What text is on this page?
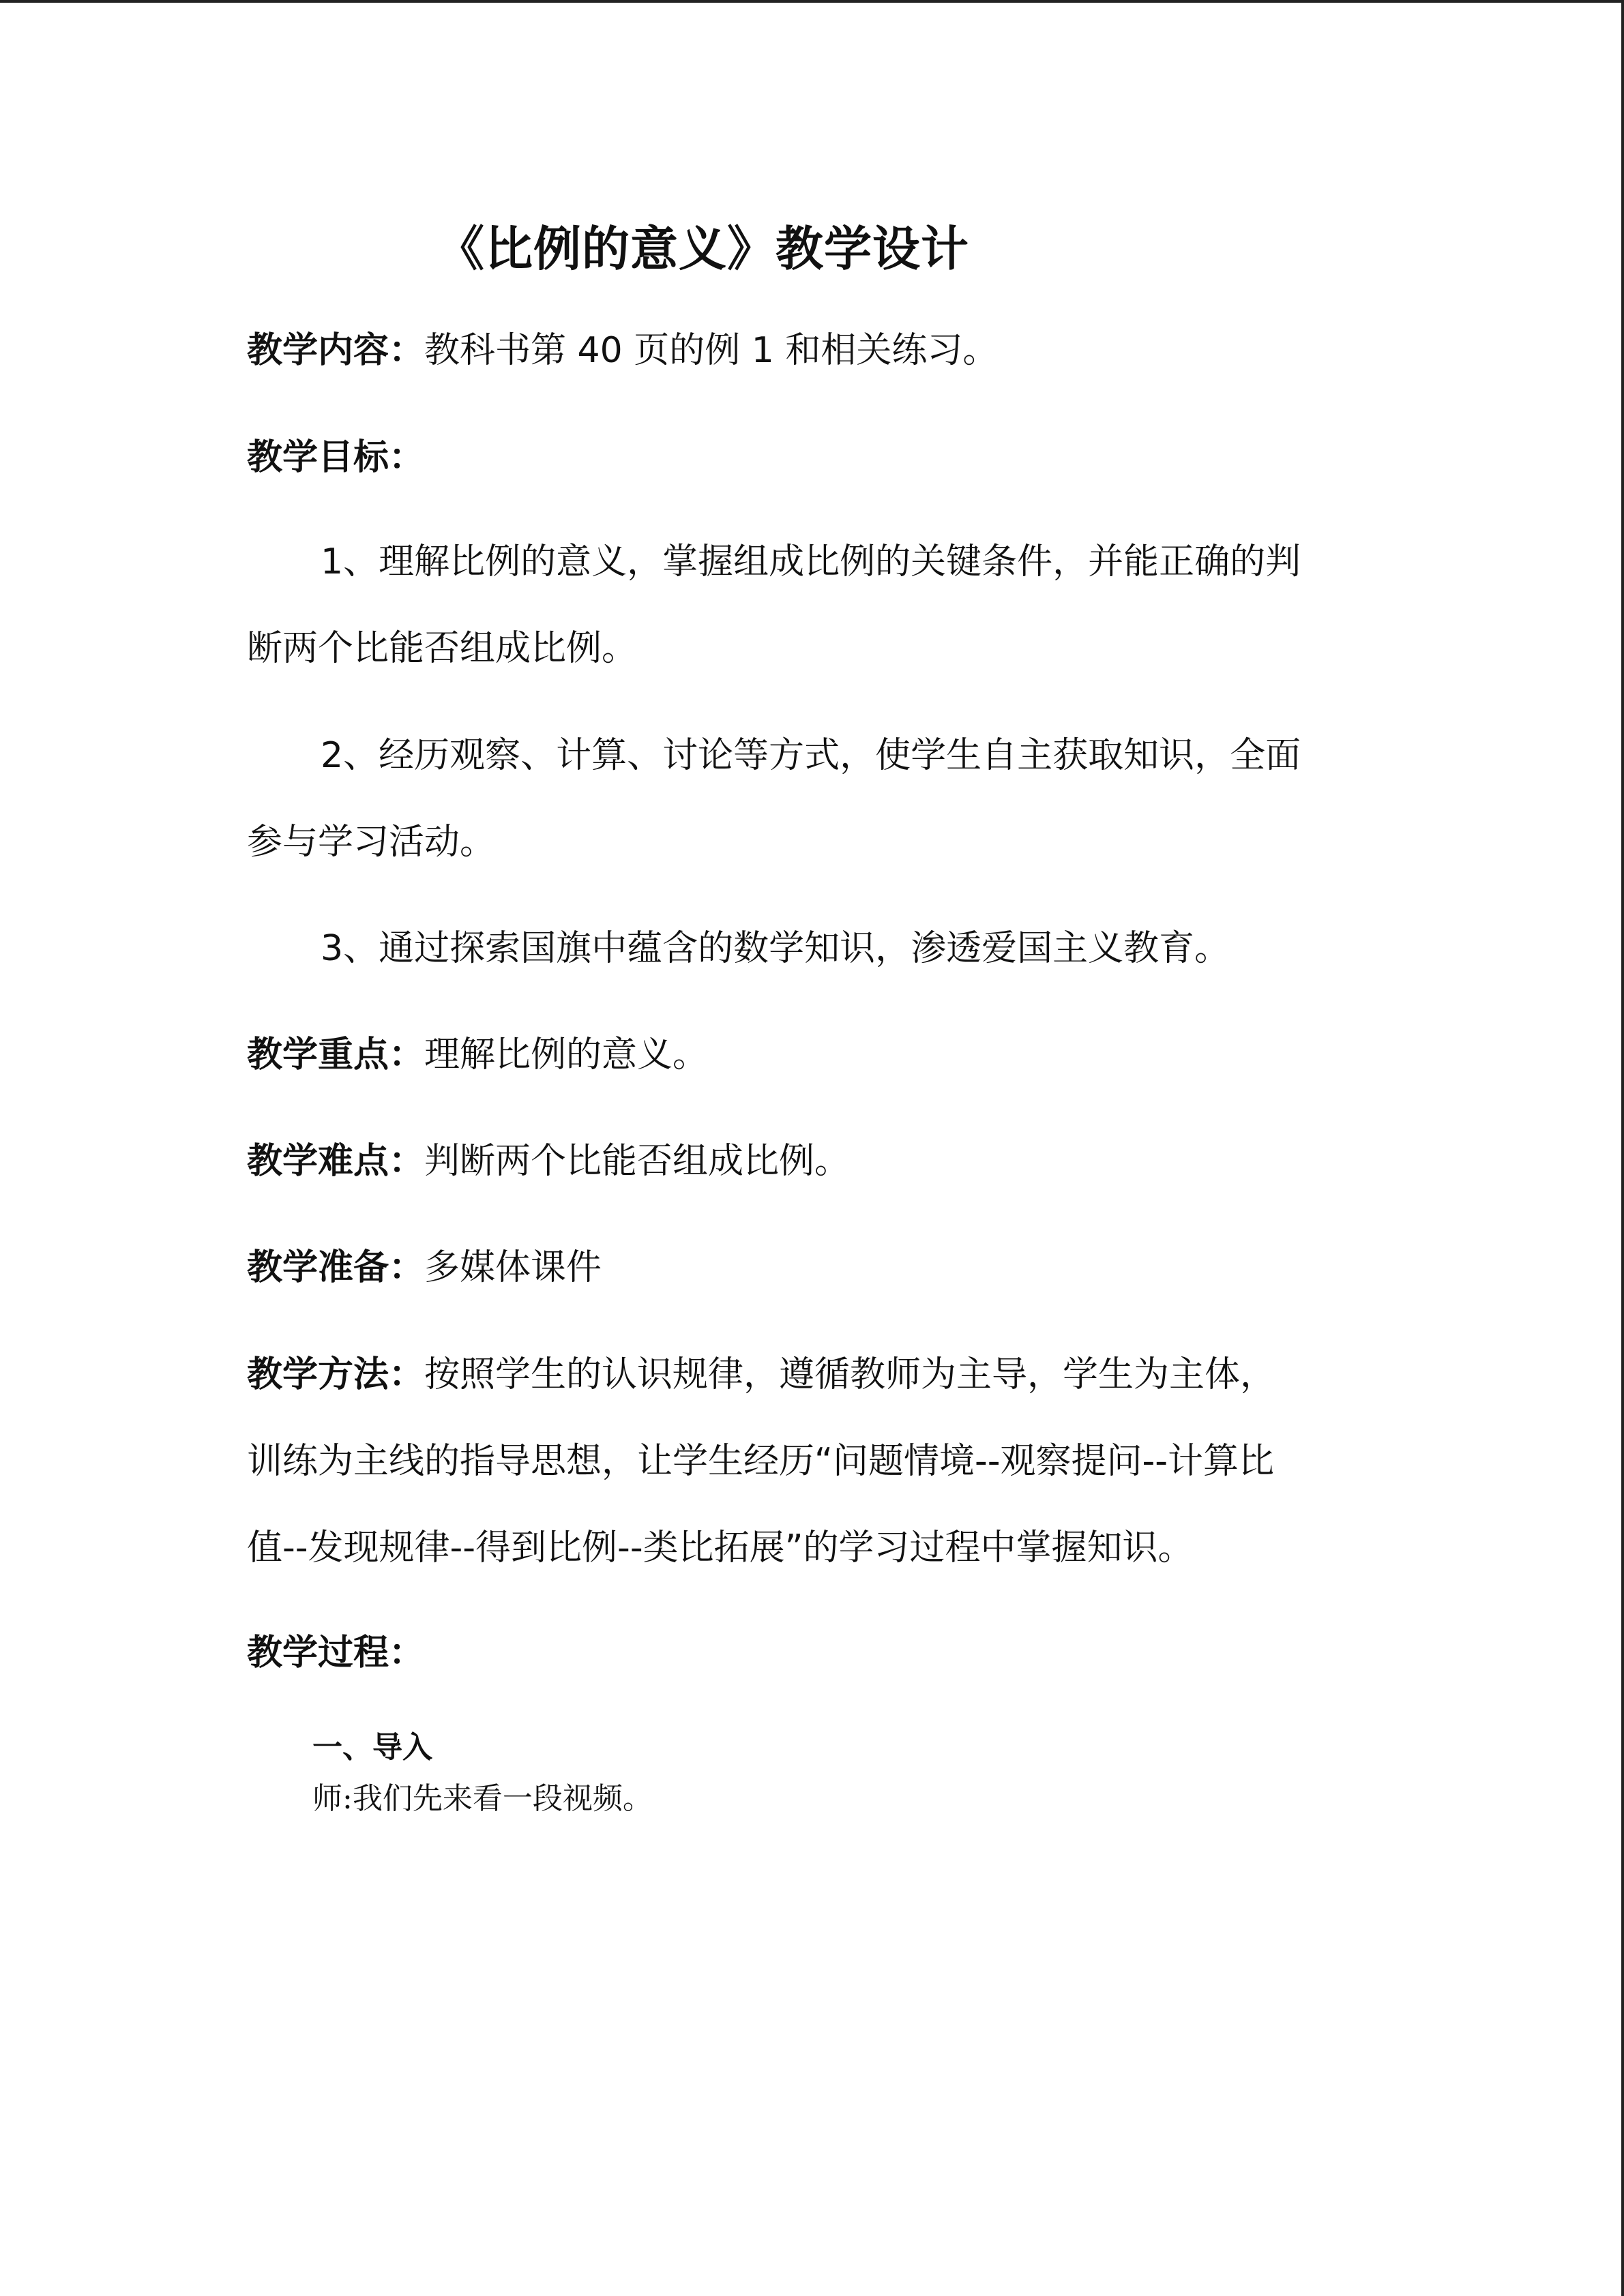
《比例的意义》教学设计
教学内容：教科书第 40 页的例 1 和相关练习。
教学目标：
1、理解比例的意义，掌握组成比例的关键条件，并能正确的判
断两个比能否组成比例。
2、经历观察、计算、讨论等方式，使学生自主获取知识，全面
参与学习活动。
3、通过探索国旗中蕴含的数学知识，渗透爱国主义教育。
教学重点：理解比例的意义。
教学难点：判断两个比能否组成比例。
教学准备：多媒体课件
教学方法：按照学生的认识规律，遵循教师为主导，学生为主体，
训练为主线的指导思想，让学生经历“问题情境--观察提问--计算比
值--发现规律--得到比例--类比拓展”的学习过程中掌握知识。
教学过程：
一、导入
师:我们先来看一段视频。
